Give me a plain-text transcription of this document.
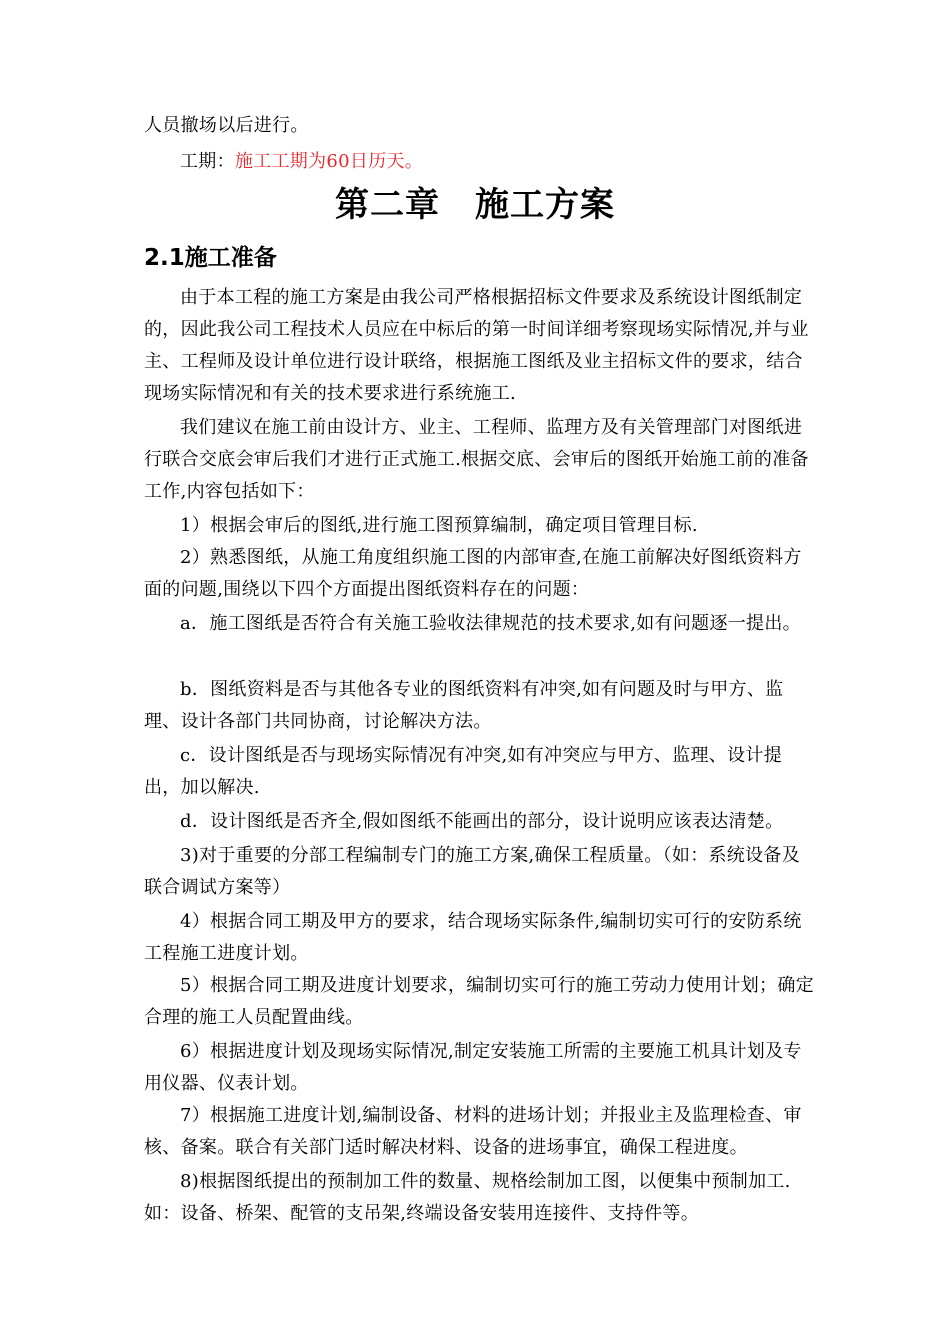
人员撤场以后进行。
工期：施工工期为60日历天。
第二章　施工方案
2.1施工准备
由于本工程的施工方案是由我公司严格根据招标文件要求及系统设计图纸制定的，因此我公司工程技术人员应在中标后的第一时间详细考察现场实际情况,并与业主、工程师及设计单位进行设计联络，根据施工图纸及业主招标文件的要求，结合现场实际情况和有关的技术要求进行系统施工.
我们建议在施工前由设计方、业主、工程师、监理方及有关管理部门对图纸进行联合交底会审后我们才进行正式施工.根据交底、会审后的图纸开始施工前的准备工作,内容包括如下：
1）根据会审后的图纸,进行施工图预算编制，确定项目管理目标.
2）熟悉图纸，从施工角度组织施工图的内部审查,在施工前解决好图纸资料方面的问题,围绕以下四个方面提出图纸资料存在的问题：
a．施工图纸是否符合有关施工验收法律规范的技术要求,如有问题逐一提出。
b．图纸资料是否与其他各专业的图纸资料有冲突,如有问题及时与甲方、监理、设计各部门共同协商，讨论解决方法。
c．设计图纸是否与现场实际情况有冲突,如有冲突应与甲方、监理、设计提出，加以解决.
d．设计图纸是否齐全,假如图纸不能画出的部分，设计说明应该表达清楚。
3)对于重要的分部工程编制专门的施工方案,确保工程质量。（如：系统设备及联合调试方案等）
4）根据合同工期及甲方的要求，结合现场实际条件,编制切实可行的安防系统工程施工进度计划。
5）根据合同工期及进度计划要求，编制切实可行的施工劳动力使用计划；确定合理的施工人员配置曲线。
6）根据进度计划及现场实际情况,制定安装施工所需的主要施工机具计划及专用仪器、仪表计划。
7）根据施工进度计划,编制设备、材料的进场计划；并报业主及监理检查、审核、备案。联合有关部门适时解决材料、设备的进场事宜，确保工程进度。
8)根据图纸提出的预制加工件的数量、规格绘制加工图，以便集中预制加工.如：设备、桥架、配管的支吊架,终端设备安装用连接件、支持件等。
